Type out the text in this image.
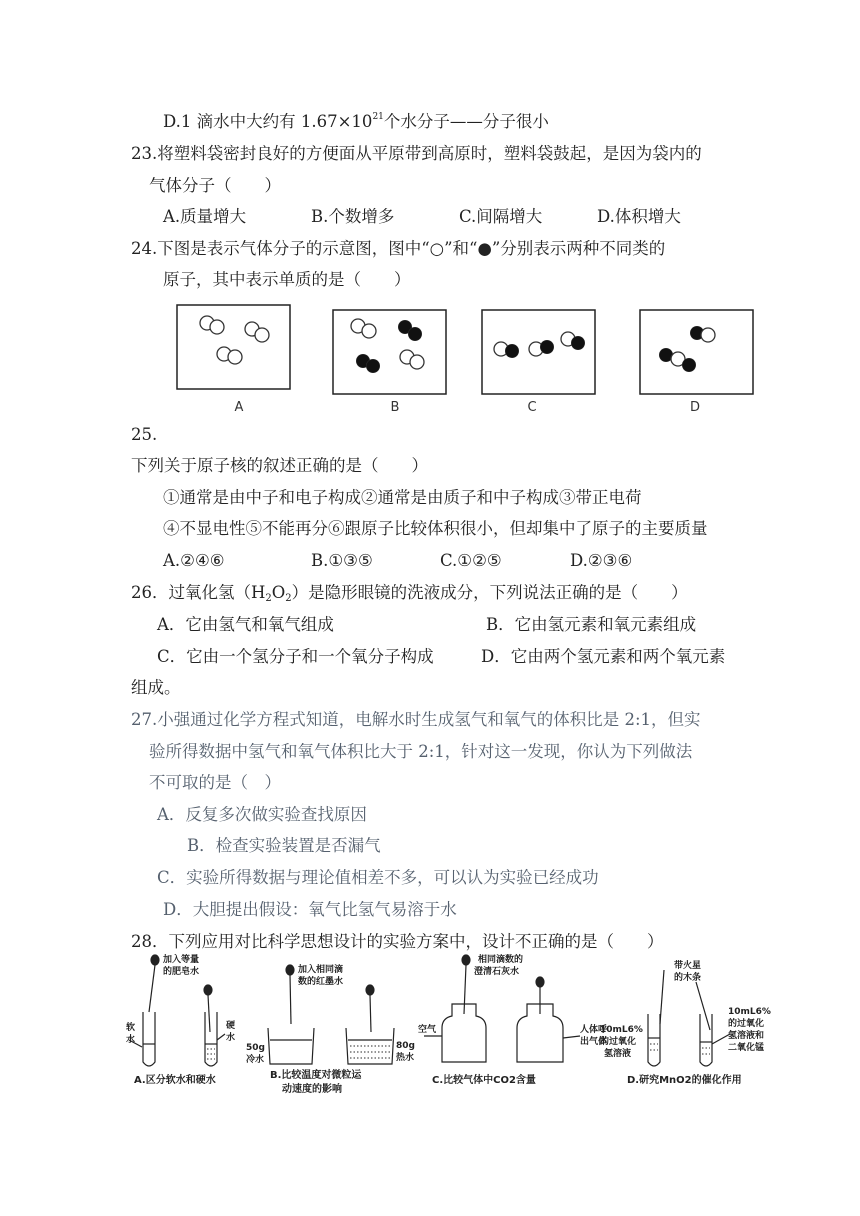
D.1 滴水中大约有 $1.67\times 10^{21}$个水分子——分子很小
23.将塑料袋密封良好的方便面从平原带到高原时，塑料袋鼓起，是因为袋内的
气体分子（　　）
A.质量增大	B.个数增多	C.间隔增大	D.体积增大
24.下图是表示气体分子的示意图，图中“○”和“●”分别表示两种不同类的
原子，其中表示单质的是（　　）
A	B	C	D
25.
下列关于原子核的叙述正确的是（　　）
①通常是由中子和电子构成②通常是由质子和中子构成③带正电荷
④不显电性⑤不能再分⑥跟原子比较体积很小，但却集中了原子的主要质量
A.②④⑥	B.①③⑤	C.①②⑤	D.②③⑥
26．过氧化氢$(H_2O_2)$是隐形眼镜的洗液成分，下列说法正确的是（　　）
A．它由氢气和氧气组成	B．它由氢元素和氧元素组成
C．它由一个氢分子和一个氧分子构成	D．它由两个氢元素和两个氧元素
组成。
27.小强通过化学方程式知道，电解水时生成氢气和氧气的体积比是 2:1，但实
验所得数据中氢气和氧气体积比大于 2:1，针对这一发现，你认为下列做法
不可取的是（　）
A．反复多次做实验查找原因
B．检查实验装置是否漏气
C．实验所得数据与理论值相差不多，可以认为实验已经成功
D．大胆提出假设：氧气比氢气易溶于水
28．下列应用对比科学思想设计的实验方案中，设计不正确的是（　　）
加入等量
的肥皂水
软
水
硬
水
A.区分软水和硬水
加入相同滴
数的红墨水
50g
冷水
80g
热水
B.比较温度对微粒运
动速度的影响
相同滴数的
澄清石灰水
空气	人体呼
出气体
C.比较气体中CO2含量
带火星
的木条
10mL6%
的过氧化
氢溶液
10mL6%
的过氧化
氢溶液和
二氧化锰
D.研究MnO2的催化作用
